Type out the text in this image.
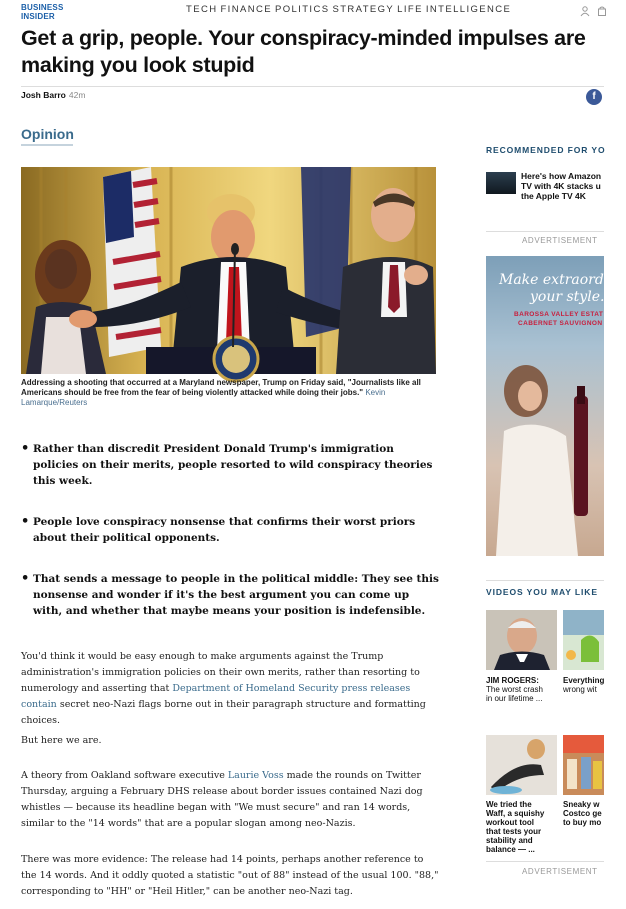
BUSINESS
INSIDER
TECH FINANCE POLITICS STRATEGY LIFE INTELLIGENCE
Get a grip, people. Your conspiracy-minded impulses are making you look stupid
Josh Barro 42m	f
Opinion
Addressing a shooting that occurred at a Maryland newspaper, Trump on Friday said, "Journalists like all Americans should be free from the fear of being violently attacked while doing their jobs." Kevin Lamarque/Reuters
• Rather than discredit President Donald Trump's immigration policies on their merits, people resorted to wild conspiracy theories this week.
• People love conspiracy nonsense that confirms their worst priors about their political opponents.
• That sends a message to people in the political middle: They see this nonsense and wonder if it's the best argument you can come up with, and whether that maybe means your position is indefensible.
You'd think it would be easy enough to make arguments against the Trump administration's immigration policies on their own merits, rather than resorting to numerology and asserting that Department of Homeland Security press releases contain secret neo-Nazi flags borne out in their paragraph structure and formatting choices.
But here we are.
A theory from Oakland software executive Laurie Voss made the rounds on Twitter Thursday, arguing a February DHS release about border issues contained Nazi dog whistles — because its headline began with "We must secure" and ran 14 words, similar to the "14 words" that are a popular slogan among neo-Nazis.
There was more evidence: The release had 14 points, perhaps another reference to the 14 words. And it oddly quoted a statistic "out of 88" instead of the usual 100. "88," corresponding to "HH" or "Heil Hitler," can be another neo-Nazi tag.
RECOMMENDED FOR YO
Here's how Amazon
TV with 4K stacks u
the Apple TV 4K
ADVERTISEMENT
Make extraordina
your style.
BAROSSA VALLEY ESTAT
CABERNET SAUVIGNON
VIDEOS YOU MAY LIKE
JIM ROGERS:
The worst crash
in our lifetime ...
Everything
wrong wit
We tried the
Waff, a squishy
workout tool
that tests your
stability and
balance — ...
Sneaky w
Costco ge
to buy mo
ADVERTISEMENT
